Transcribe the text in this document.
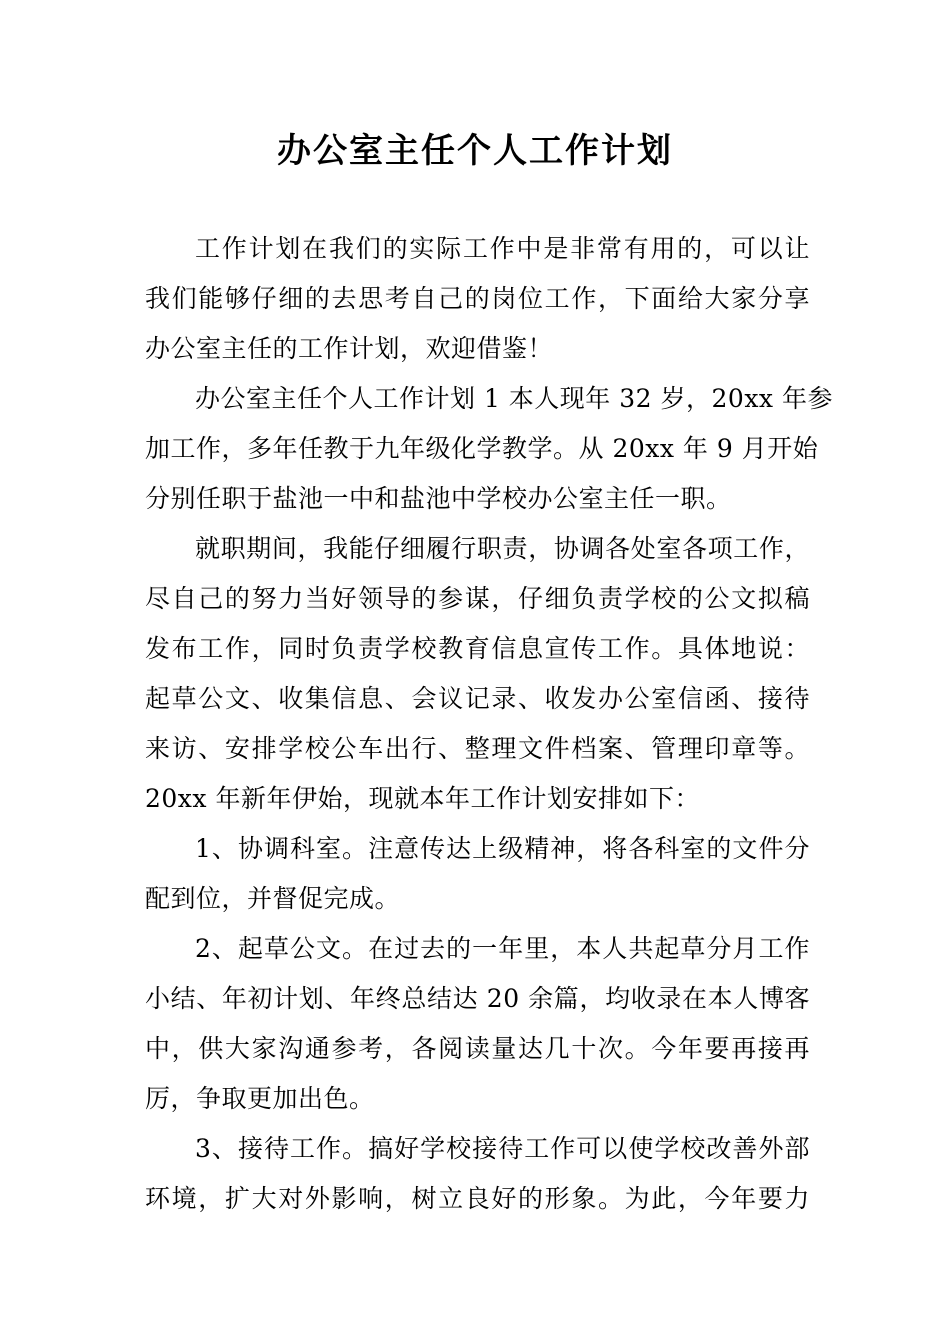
办公室主任个人工作计划
工作计划在我们的实际工作中是非常有用的，可以让
我们能够仔细的去思考自己的岗位工作，下面给大家分享
办公室主任的工作计划，欢迎借鉴！
办公室主任个人工作计划 1 本人现年 32 岁，20xx 年参
加工作，多年任教于九年级化学教学。从 20xx 年 9 月开始
分别任职于盐池一中和盐池中学校办公室主任一职。
就职期间，我能仔细履行职责，协调各处室各项工作，
尽自己的努力当好领导的参谋，仔细负责学校的公文拟稿
发布工作，同时负责学校教育信息宣传工作。具体地说：
起草公文、收集信息、会议记录、收发办公室信函、接待
来访、安排学校公车出行、整理文件档案、管理印章等。
20xx 年新年伊始，现就本年工作计划安排如下：
1、协调科室。注意传达上级精神，将各科室的文件分
配到位，并督促完成。
2、起草公文。在过去的一年里，本人共起草分月工作
小结、年初计划、年终总结达 20 余篇，均收录在本人博客
中，供大家沟通参考，各阅读量达几十次。今年要再接再
厉，争取更加出色。
3、接待工作。搞好学校接待工作可以使学校改善外部
环境，扩大对外影响，树立良好的形象。为此，今年要力
